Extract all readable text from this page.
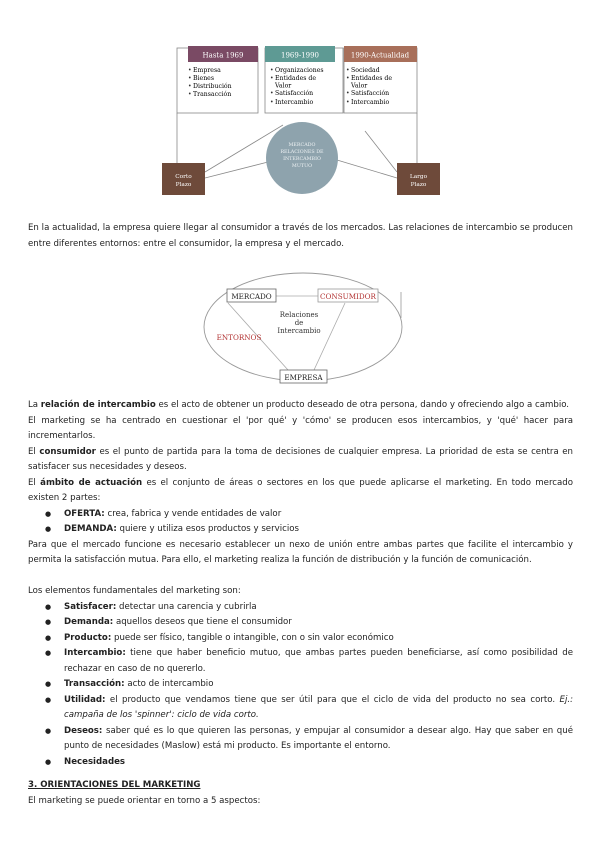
Hasta 1969	1969-1990	1990-Actualidad
Empresa
Bienes
Distribución
Transacción
•
•
•
•
•
•
•
•
•
•
•
•
Organizaciones
Entidades de Valor
Satisfacción
Intercambio
Sociedad
Entidades de Valor
Satisfacción
Intercambio
MERCADO
RELACIONES DE
INTERCAMBIO
MUTUO
Corto
Plazo
Largo
Plazo
MERCADO	CONSUMIDOR
EMPRESA
ENTORNOS
Relaciones
de
Intercambio

En la actualidad, la empresa quiere llegar al consumidor a través de los mercados. Las relaciones de intercambio se producen entre diferentes entornos: entre el consumidor, la empresa y el mercado.

La relación de intercambio es el acto de obtener un producto deseado de otra persona, dando y ofreciendo algo a cambio.

El marketing se ha centrado en cuestionar el 'por qué' y 'cómo' se producen esos intercambios, y 'qué' hacer para incrementarlos.

El consumidor es el punto de partida para la toma de decisiones de cualquier empresa. La prioridad de esta se centra en satisfacer sus necesidades y deseos.

El ámbito de actuación es el conjunto de áreas o sectores en los que puede aplicarse el marketing. En todo mercado existen 2 partes:

● OFERTA: crea, fabrica y vende entidades de valor
● DEMANDA: quiere y utiliza esos productos y servicios

Para que el mercado funcione es necesario establecer un nexo de unión entre ambas partes que facilite el intercambio y permita la satisfacción mutua. Para ello, el marketing realiza la función de distribución y la función de comunicación.

Los elementos fundamentales del marketing son:

● Satisfacer: detectar una carencia y cubrirla
● Demanda: aquellos deseos que tiene el consumidor
● Producto: puede ser físico, tangible o intangible, con o sin valor económico
● Intercambio: tiene que haber beneficio mutuo, que ambas partes pueden beneficiarse, así como posibilidad de rechazar en caso de no quererlo.
● Transacción: acto de intercambio
● Utilidad: el producto que vendamos tiene que ser útil para que el ciclo de vida del producto no sea corto. Ej.: campaña de los 'spinner': ciclo de vida corto.
● Deseos: saber qué es lo que quieren las personas, y empujar al consumidor a desear algo. Hay que saber en qué punto de necesidades (Maslow) está mi producto. Es importante el entorno.
● Necesidades

3. ORIENTACIONES DEL MARKETING

El marketing se puede orientar en torno a 5 aspectos:
